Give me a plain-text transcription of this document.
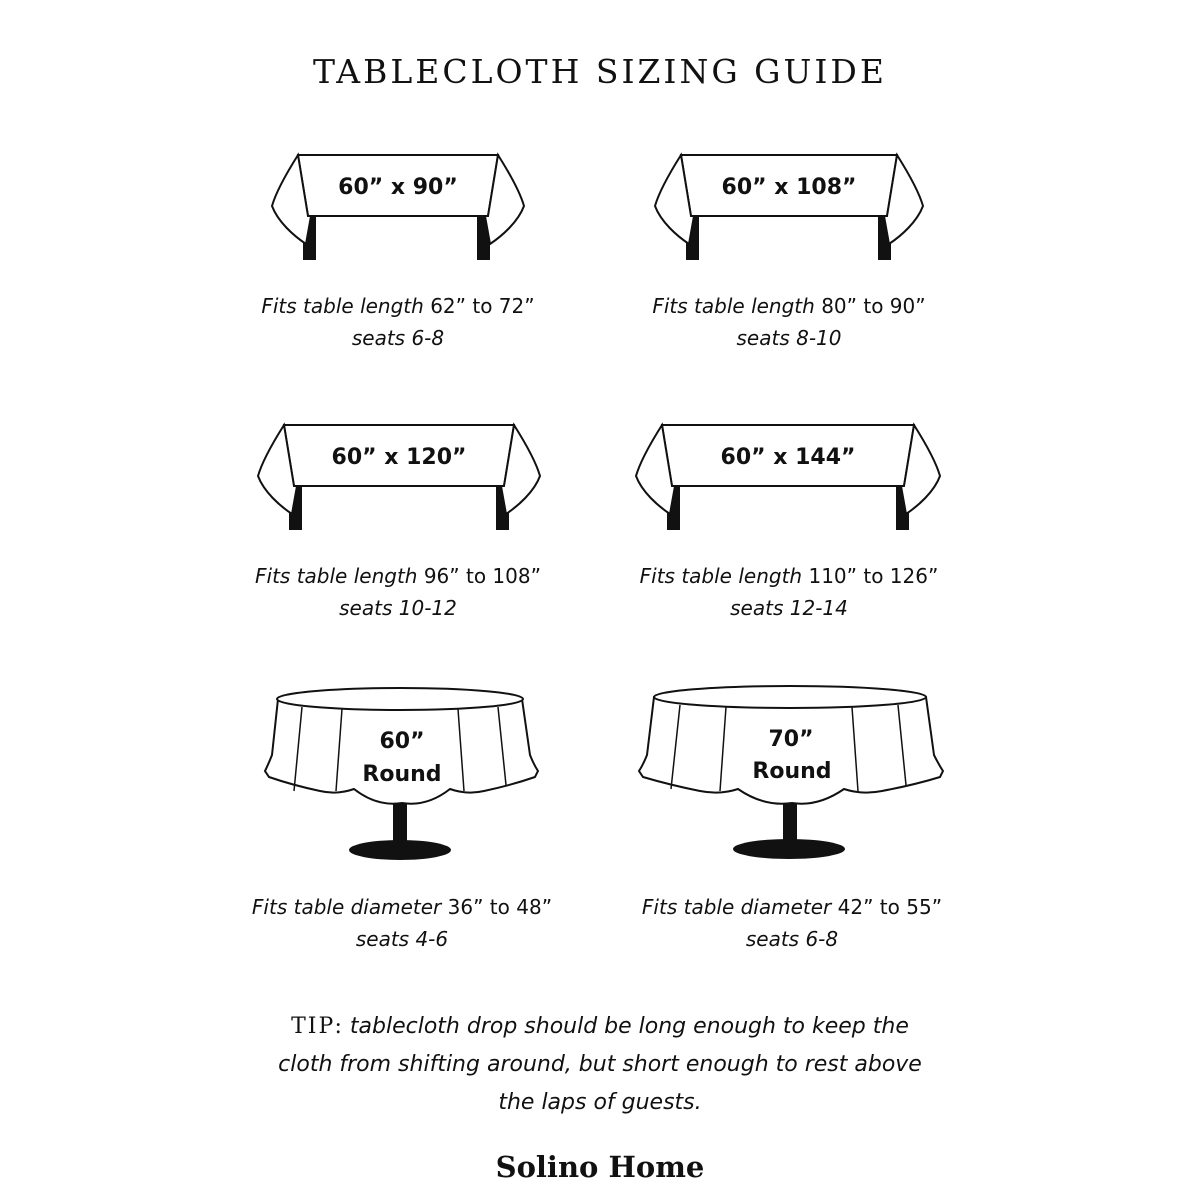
TABLECLOTH SIZING GUIDE
60” x 90”
Fits table length 62” to 72”
seats 6-8
60” x 108”
Fits table length 80” to 90”
seats 8-10
60” x 120”
Fits table length 96” to 108”
seats 10-12
60” x 144”
Fits table length 110” to 126”
seats 12-14
60”
Round
Fits table diameter 36” to 48”
seats 4-6
70”
Round
Fits table diameter 42” to 55”
seats 6-8
TIP: tablecloth drop should be long enough to keep the
cloth from shifting around, but short enough to rest above
the laps of guests.
Solino Home
